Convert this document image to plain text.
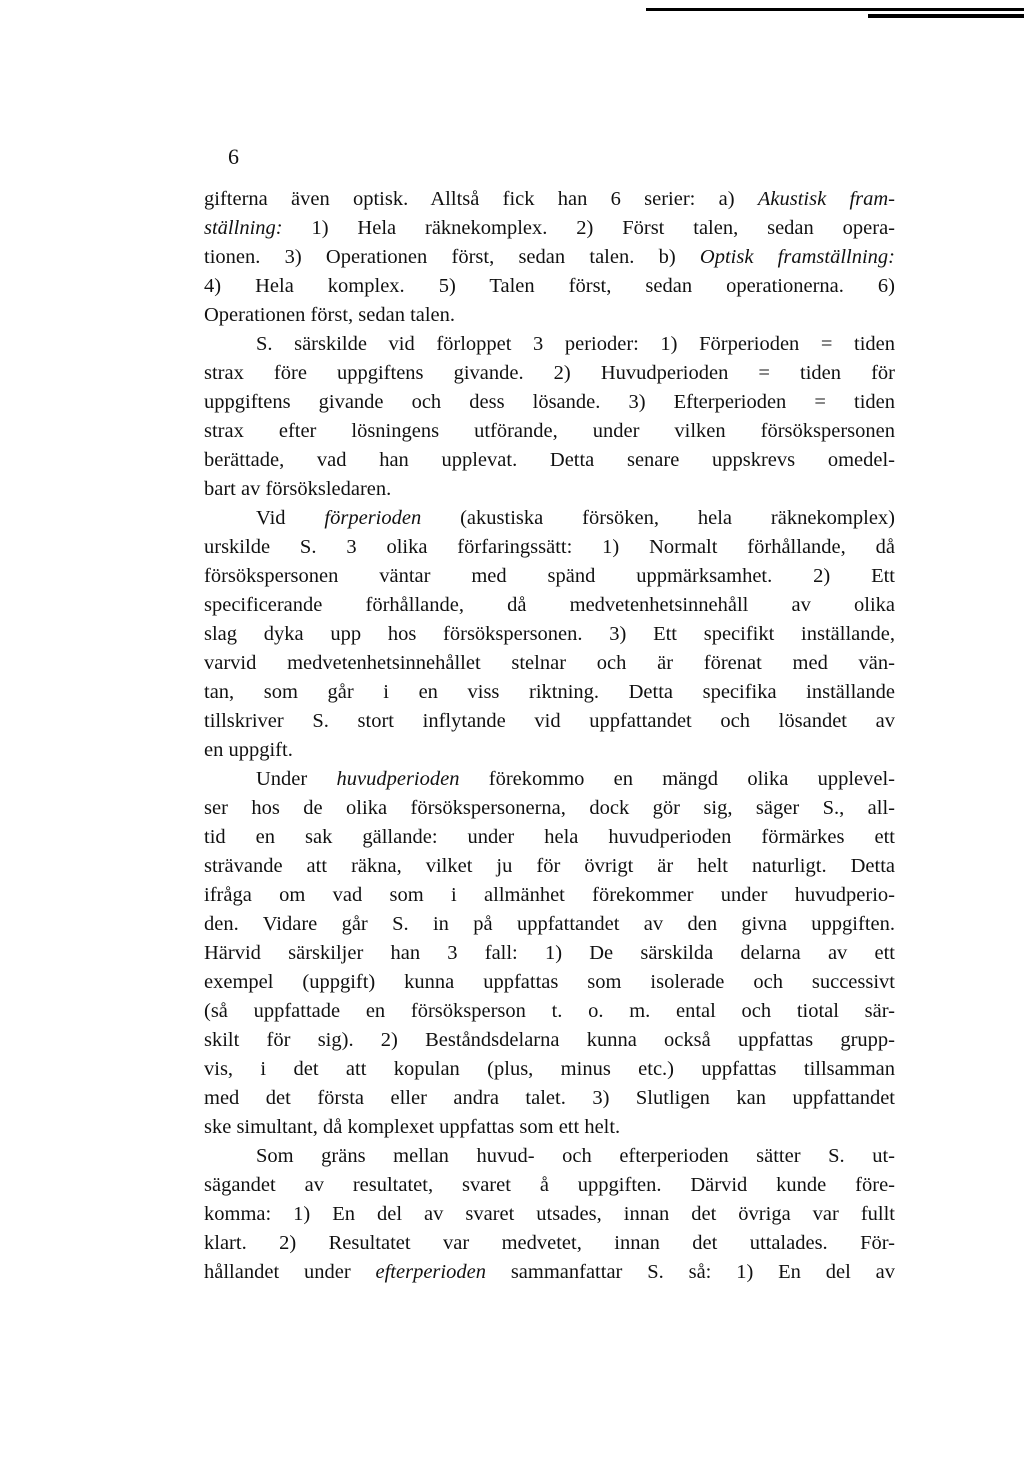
6
gifterna även optisk. Alltså fick han 6 serier: a) Akustisk fram-
ställning: 1) Hela räknekomplex. 2) Först talen, sedan opera-
tionen. 3) Operationen först, sedan talen. b) Optisk framställning:
4) Hela komplex. 5) Talen först, sedan operationerna. 6)
Operationen först, sedan talen.
S. särskilde vid förloppet 3 perioder: 1) Förperioden = tiden
strax före uppgiftens givande. 2) Huvudperioden = tiden för
uppgiftens givande och dess lösande. 3) Efterperioden = tiden
strax efter lösningens utförande, under vilken försökspersonen
berättade, vad han upplevat. Detta senare uppskrevs omedel-
bart av försöksledaren.
Vid förperioden (akustiska försöken, hela räknekomplex)
urskilde S. 3 olika förfaringssätt: 1) Normalt förhållande, då
försökspersonen väntar med spänd uppmärksamhet. 2) Ett
specificerande förhållande, då medvetenhetsinnehåll av olika
slag dyka upp hos försökspersonen. 3) Ett specifikt inställande,
varvid medvetenhetsinnehållet stelnar och är förenat med vän-
tan, som går i en viss riktning. Detta specifika inställande
tillskriver S. stort inflytande vid uppfattandet och lösandet av
en uppgift.
Under huvudperioden förekommo en mängd olika upplevel-
ser hos de olika försökspersonerna, dock gör sig, säger S., all-
tid en sak gällande: under hela huvudperioden förmärkes ett
strävande att räkna, vilket ju för övrigt är helt naturligt. Detta
ifråga om vad som i allmänhet förekommer under huvudperio-
den. Vidare går S. in på uppfattandet av den givna uppgiften.
Härvid särskiljer han 3 fall: 1) De särskilda delarna av ett
exempel (uppgift) kunna uppfattas som isolerade och successivt
(så uppfattade en försöksperson t. o. m. ental och tiotal sär-
skilt för sig). 2) Beståndsdelarna kunna också uppfattas grupp-
vis, i det att kopulan (plus, minus etc.) uppfattas tillsamman
med det första eller andra talet. 3) Slutligen kan uppfattandet
ske simultant, då komplexet uppfattas som ett helt.
Som gräns mellan huvud- och efterperioden sätter S. ut-
sägandet av resultatet, svaret å uppgiften. Därvid kunde före-
komma: 1) En del av svaret utsades, innan det övriga var fullt
klart. 2) Resultatet var medvetet, innan det uttalades. För-
hållandet under efterperioden sammanfattar S. så: 1) En del av
